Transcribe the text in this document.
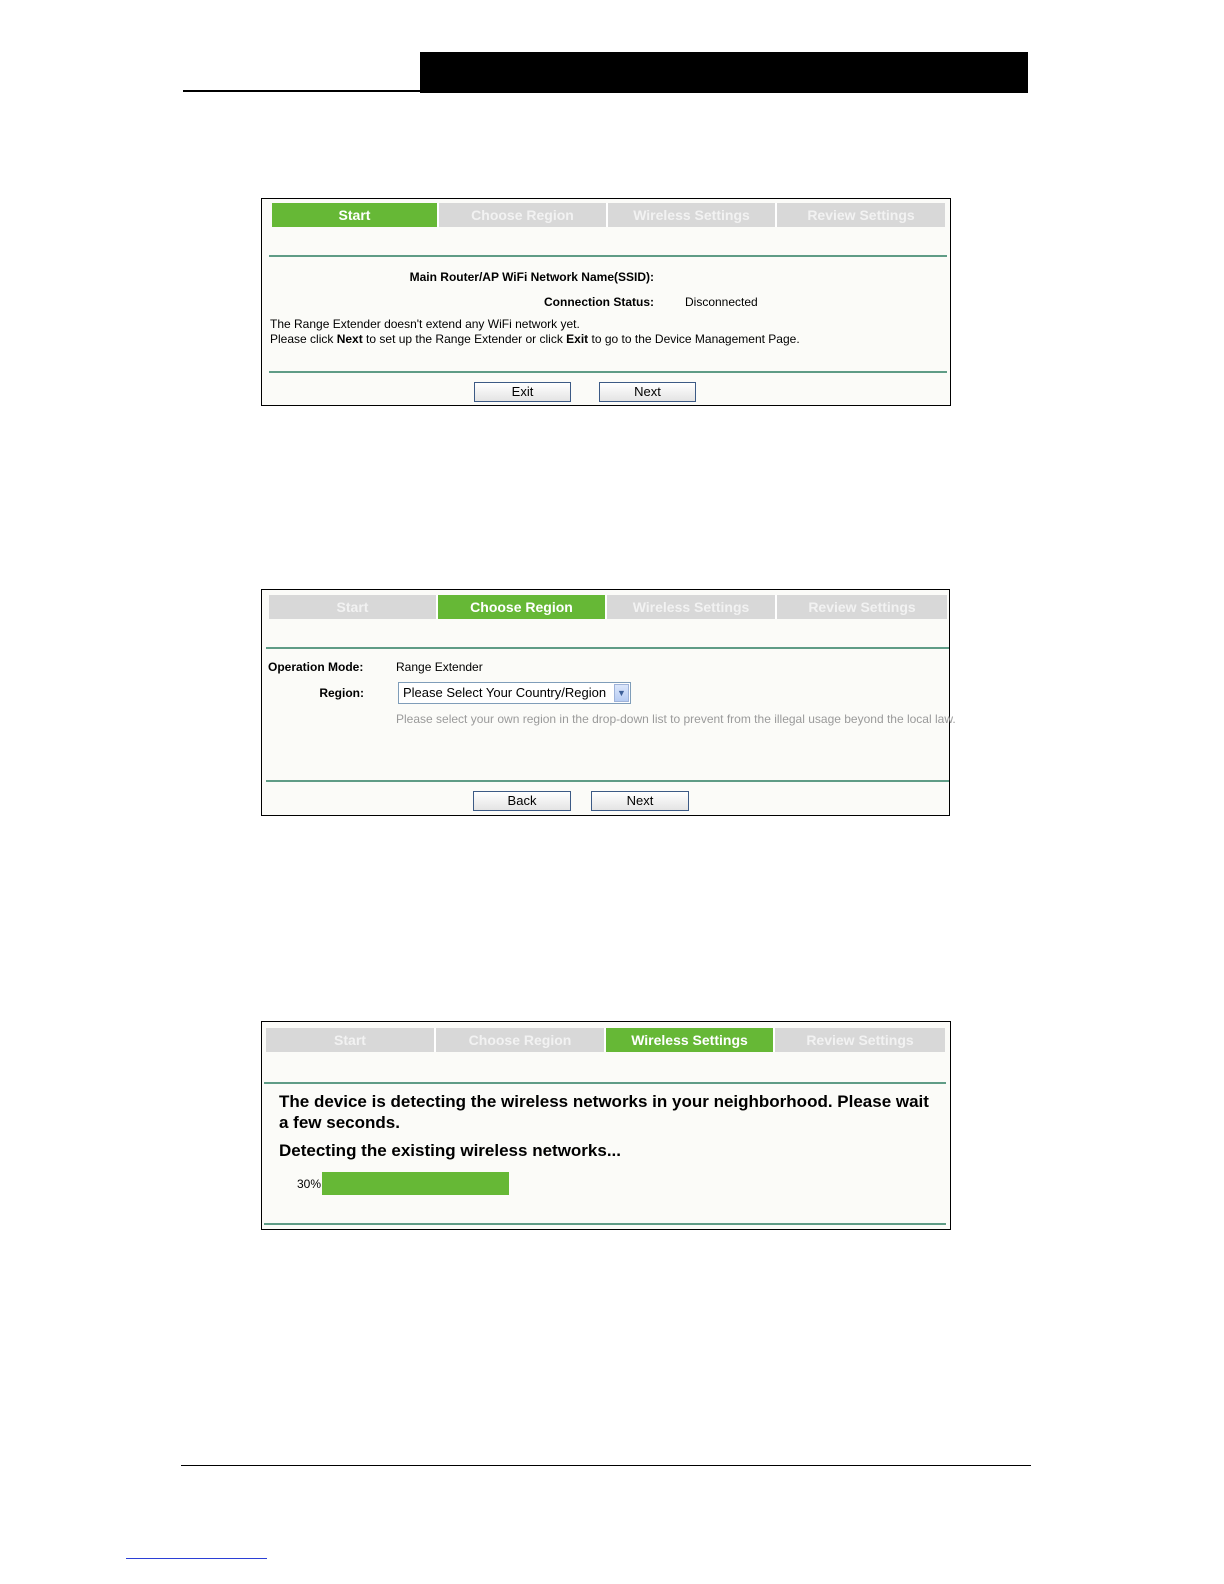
Start	Choose Region	Wireless Settings	Review Settings
Main Router/AP WiFi Network Name(SSID):
Connection Status:	Disconnected
The Range Extender doesn't extend any WiFi network yet.
Please click Next to set up the Range Extender or click Exit to go to the Device Management Page.
Exit	Next
Start	Choose Region	Wireless Settings	Review Settings
Operation Mode:	Range Extender
Region:	Please Select Your Country/Region	▼
Please select your own region in the drop-down list to prevent from the illegal usage beyond the local law.
Back	Next
Start	Choose Region	Wireless Settings	Review Settings
The device is detecting the wireless networks in your neighborhood. Please wait
a few seconds.
Detecting the existing wireless networks...
30%
